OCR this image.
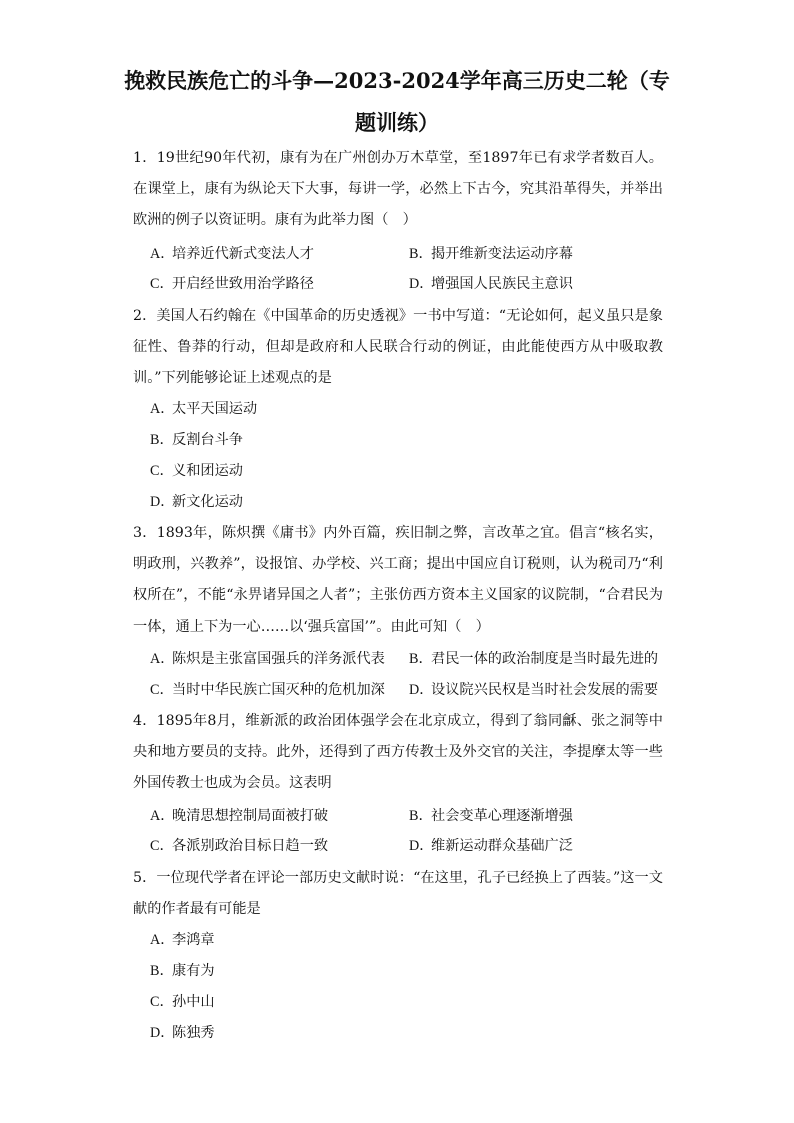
挽救民族危亡的斗争—2023-2024学年高三历史二轮（专题训练）
1．19世纪90年代初，康有为在广州创办万木草堂，至1897年已有求学者数百人。在课堂上，康有为纵论天下大事，每讲一学，必然上下古今，究其沿革得失，并举出欧洲的例子以资证明。康有为此举力图（　）
A．培养近代新式变法人才	B．揭开维新变法运动序幕
C．开启经世致用治学路径	D．增强国人民族民主意识
2．美国人石约翰在《中国革命的历史透视》一书中写道：“无论如何，起义虽只是象征性、鲁莽的行动，但却是政府和人民联合行动的例证，由此能使西方从中吸取教训。”下列能够论证上述观点的是
A．太平天国运动
B．反割台斗争
C．义和团运动
D．新文化运动
3．1893年，陈炽撰《庸书》内外百篇，疾旧制之弊，言改革之宜。倡言“核名实，明政刑，兴教养”，设报馆、办学校、兴工商；提出中国应自订税则，认为税司乃“利权所在”，不能“永畀诸异国之人者”；主张仿西方资本主义国家的议院制，“合君民为一体，通上下为一心……以‘强兵富国’”。由此可知（　）
A．陈炽是主张富国强兵的洋务派代表 B．君民一体的政治制度是当时最先进的
C．当时中华民族亡国灭种的危机加深 D．设议院兴民权是当时社会发展的需要
4．1895年8月，维新派的政治团体强学会在北京成立，得到了翁同龢、张之洞等中央和地方要员的支持。此外，还得到了西方传教士及外交官的关注，李提摩太等一些外国传教士也成为会员。这表明
A．晚清思想控制局面被打破	B．社会变革心理逐渐增强
C．各派别政治目标日趋一致	D．维新运动群众基础广泛
5．一位现代学者在评论一部历史文献时说：“在这里，孔子已经换上了西装。”这一文献的作者最有可能是
A．李鸿章
B．康有为
C．孙中山
D．陈独秀
